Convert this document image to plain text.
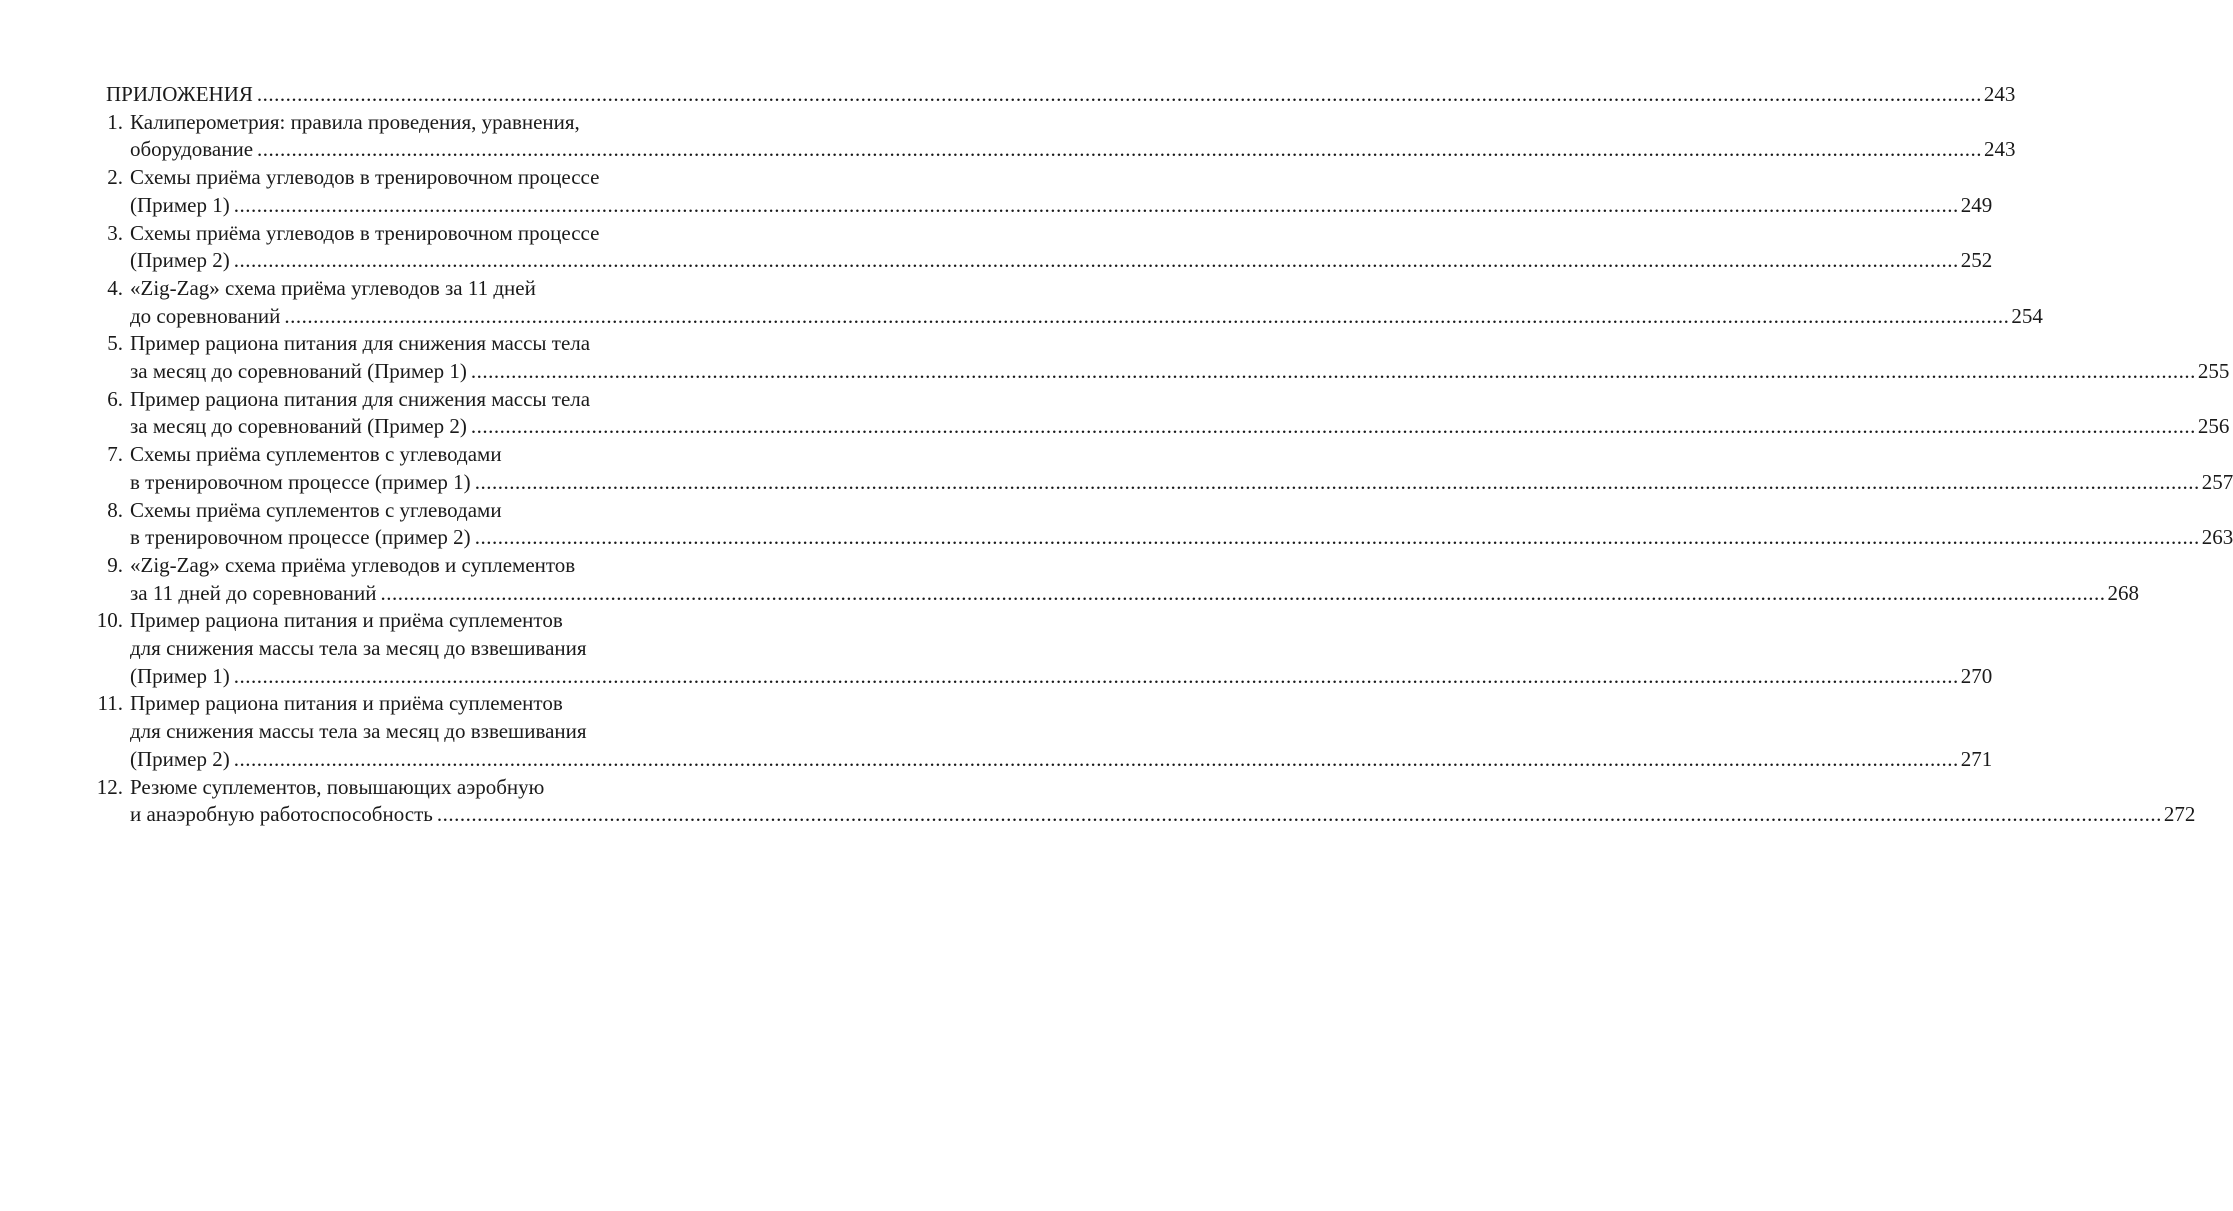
ПРИЛОЖЕНИЯ ............................................................................................................................................................................................................................................................................................................ 243
1. Калиперометрия: правила проведения, уравнения,
оборудование ............................................................................................................................................................................................................................................................................................................ 243
2. Схемы приёма углеводов в тренировочном процессе
(Пример 1) ............................................................................................................................................................................................................................................................................................................ 249
3. Схемы приёма углеводов в тренировочном процессе
(Пример 2) ............................................................................................................................................................................................................................................................................................................ 252
4. «Zig-Zag» схема приёма углеводов за 11 дней
до соревнований ............................................................................................................................................................................................................................................................................................................ 254
5. Пример рациона питания для снижения массы тела
за месяц до соревнований (Пример 1) ............................................................................................................................................................................................................................................................................................................ 255
6. Пример рациона питания для снижения массы тела
за месяц до соревнований (Пример 2) ............................................................................................................................................................................................................................................................................................................ 256
7. Схемы приёма суплементов с углеводами
в тренировочном процессе (пример 1) ............................................................................................................................................................................................................................................................................................................ 257
8. Схемы приёма суплементов с углеводами
в тренировочном процессе (пример 2) ............................................................................................................................................................................................................................................................................................................ 263
9. «Zig-Zag» схема приёма углеводов и суплементов
за 11 дней до соревнований ............................................................................................................................................................................................................................................................................................................ 268
10. Пример рациона питания и приёма суплементов
для снижения массы тела за месяц до взвешивания
(Пример 1) ............................................................................................................................................................................................................................................................................................................ 270
11. Пример рациона питания и приёма суплементов
для снижения массы тела за месяц до взвешивания
(Пример 2) ............................................................................................................................................................................................................................................................................................................ 271
12. Резюме суплементов, повышающих аэробную
и анаэробную работоспособность ............................................................................................................................................................................................................................................................................................................ 272
